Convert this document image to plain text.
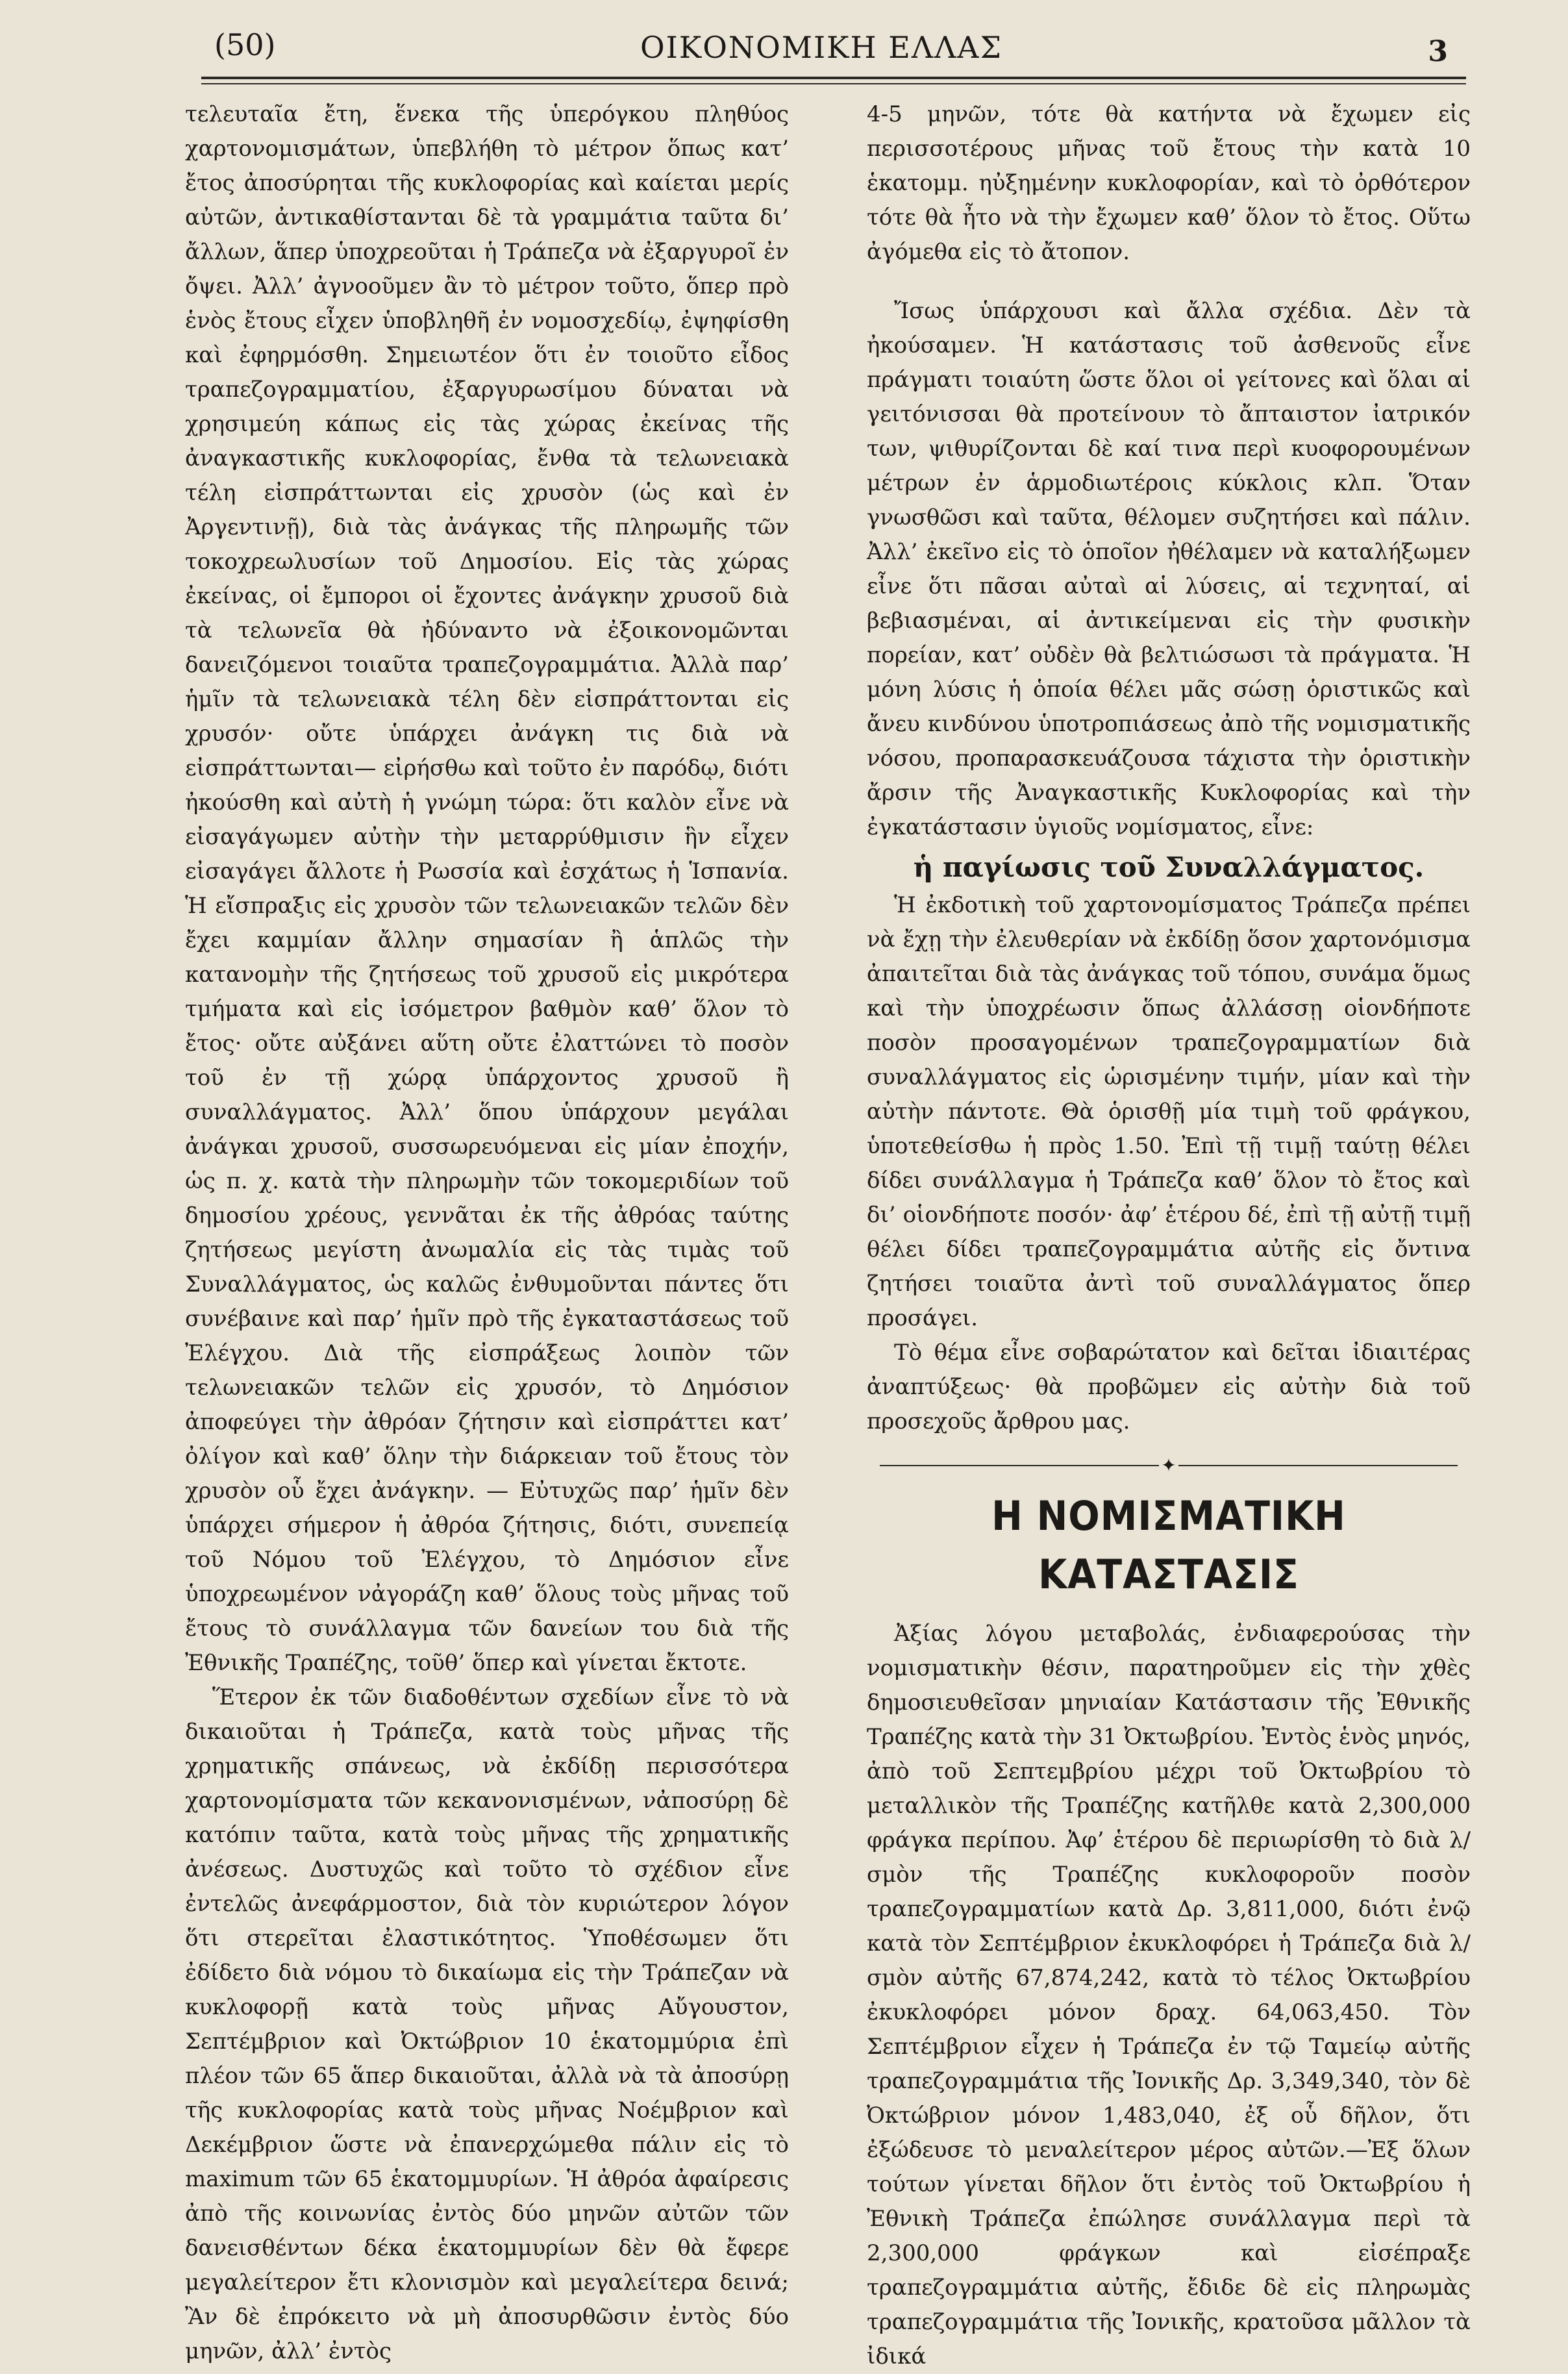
(50)	ΟΙΚΟΝΟΜΙΚΗ ΕΛΛΑΣ	3

τελευταῖα ἔτη, ἕνεκα τῆς ὑπερόγκου πληθύος χαρτονομισμάτων, ὑπεβλήθη τὸ μέτρον ὅπως κατ’ ἔτος ἀποσύρηται τῆς κυκλοφορίας καὶ καίεται μερίς αὐτῶν, ἀντικαθίστανται δὲ τὰ γραμμάτια ταῦτα δι’ ἄλλων, ἅπερ ὑποχρεοῦται ἡ Τράπεζα νὰ ἐξαργυροῖ ἐν ὄψει. Ἀλλ’ ἀγνοοῦμεν ἂν τὸ μέτρον τοῦτο, ὅπερ πρὸ ἑνὸς ἔτους εἶχεν ὑποβληθῆ ἐν νομοσχεδίῳ, ἐψηφίσθη καὶ ἐφηρμόσθη. Σημειωτέον ὅτι ἐν τοιοῦτο εἶδος τραπεζογραμματίου, ἐξαργυρωσίμου δύναται νὰ χρησιμεύη κάπως εἰς τὰς χώρας ἐκείνας τῆς ἀναγκαστικῆς κυκλοφορίας, ἔνθα τὰ τελωνειακὰ τέλη εἰσπράττωνται εἰς χρυσὸν (ὡς καὶ ἐν Ἀργεντινῇ), διὰ τὰς ἀνάγκας τῆς πληρωμῆς τῶν τοκοχρεωλυσίων τοῦ Δημοσίου. Εἰς τὰς χώρας ἐκείνας, οἱ ἔμποροι οἱ ἔχοντες ἀνάγκην χρυσοῦ διὰ τὰ τελωνεῖα θὰ ἠδύναντο νὰ ἐξοικονομῶνται δανειζόμενοι τοιαῦτα τραπεζογραμμάτια. Ἀλλὰ παρ’ ἡμῖν τὰ τελωνειακὰ τέλη δὲν εἰσπράττονται εἰς χρυσόν· οὔτε ὑπάρχει ἀνάγκη τις διὰ νὰ εἰσπράττωνται— εἰρήσθω καὶ τοῦτο ἐν παρόδῳ, διότι ἠκούσθη καὶ αὐτὴ ἡ γνώμη τώρα: ὅτι καλὸν εἶνε νὰ εἰσαγάγωμεν αὐτὴν τὴν μεταρρύθμισιν ἣν εἶχεν εἰσαγάγει ἄλλοτε ἡ Ρωσσία καὶ ἐσχάτως ἡ Ἱσπανία. Ἡ εἴσπραξις εἰς χρυσὸν τῶν τελωνειακῶν τελῶν δὲν ἔχει καμμίαν ἄλλην σημασίαν ἢ ἁπλῶς τὴν κατανομὴν τῆς ζητήσεως τοῦ χρυσοῦ εἰς μικρότερα τμήματα καὶ εἰς ἰσόμετρον βαθμὸν καθ’ ὅλον τὸ ἔτος· οὔτε αὐξάνει αὕτη οὔτε ἐλαττώνει τὸ ποσὸν τοῦ ἐν τῇ χώρᾳ ὑπάρχοντος χρυσοῦ ἢ συναλλάγματος. Ἀλλ’ ὅπου ὑπάρχουν μεγάλαι ἀνάγκαι χρυσοῦ, συσσωρευόμεναι εἰς μίαν ἐποχήν, ὡς π. χ. κατὰ τὴν πληρωμὴν τῶν τοκομεριδίων τοῦ δημοσίου χρέους, γεννᾶται ἐκ τῆς ἀθρόας ταύτης ζητήσεως μεγίστη ἀνωμαλία εἰς τὰς τιμὰς τοῦ Συναλλάγματος, ὡς καλῶς ἐνθυμοῦνται πάντες ὅτι συνέβαινε καὶ παρ’ ἡμῖν πρὸ τῆς ἐγκαταστάσεως τοῦ Ἐλέγχου. Διὰ τῆς εἰσπράξεως λοιπὸν τῶν τελωνειακῶν τελῶν εἰς χρυσόν, τὸ Δημόσιον ἀποφεύγει τὴν ἀθρόαν ζήτησιν καὶ εἰσπράττει κατ’ ὀλίγον καὶ καθ’ ὅλην τὴν διάρκειαν τοῦ ἔτους τὸν χρυσὸν οὗ ἔχει ἀνάγκην. — Εὐτυχῶς παρ’ ἡμῖν δὲν ὑπάρχει σήμερον ἡ ἀθρόα ζήτησις, διότι, συνεπείᾳ τοῦ Νόμου τοῦ Ἐλέγχου, τὸ Δημόσιον εἶνε ὑποχρεωμένον νἀγοράζη καθ’ ὅλους τοὺς μῆνας τοῦ ἔτους τὸ συνάλλαγμα τῶν δανείων του διὰ τῆς Ἐθνικῆς Τραπέζης, τοῦθ’ ὅπερ καὶ γίνεται ἔκτοτε.

Ἕτερον ἐκ τῶν διαδοθέντων σχεδίων εἶνε τὸ νὰ δικαιοῦται ἡ Τράπεζα, κατὰ τοὺς μῆνας τῆς χρηματικῆς σπάνεως, νὰ ἐκδίδῃ περισσότερα χαρτονομίσματα τῶν κεκανονισμένων, νἀποσύρῃ δὲ κατόπιν ταῦτα, κατὰ τοὺς μῆνας τῆς χρηματικῆς ἀνέσεως. Δυστυχῶς καὶ τοῦτο τὸ σχέδιον εἶνε ἐντελῶς ἀνεφάρμοστον, διὰ τὸν κυριώτερον λόγον ὅτι στερεῖται ἐλαστικότητος. Ὑποθέσωμεν ὅτι ἐδίδετο διὰ νόμου τὸ δικαίωμα εἰς τὴν Τράπεζαν νὰ κυκλοφορῇ κατὰ τοὺς μῆνας Αὔγουστον, Σεπτέμβριον καὶ Ὀκτώβριον 10 ἑκατομμύρια ἐπὶ πλέον τῶν 65 ἅπερ δικαιοῦται, ἀλλὰ νὰ τὰ ἀποσύρῃ τῆς κυκλοφορίας κατὰ τοὺς μῆνας Νοέμβριον καὶ Δεκέμβριον ὥστε νὰ ἐπανερχώμεθα πάλιν εἰς τὸ maximum τῶν 65 ἑκατομμυρίων. Ἡ ἀθρόα ἀφαίρεσις ἀπὸ τῆς κοινωνίας ἐντὸς δύο μηνῶν αὐτῶν τῶν δανεισθέντων δέκα ἑκατομμυρίων δὲν θὰ ἔφερε μεγαλείτερον ἔτι κλονισμὸν καὶ μεγαλείτερα δεινά; Ἂν δὲ ἐπρόκειτο νὰ μὴ ἀποσυρθῶσιν ἐντὸς δύο μηνῶν, ἀλλ’ ἐντὸς

4-5 μηνῶν, τότε θὰ κατήντα νὰ ἔχωμεν εἰς περισσοτέρους μῆνας τοῦ ἔτους τὴν κατὰ 10 ἑκατομμ. ηὐξημένην κυκλοφορίαν, καὶ τὸ ὀρθότερον τότε θὰ ἦτο νὰ τὴν ἔχωμεν καθ’ ὅλον τὸ ἔτος. Οὕτω ἀγόμεθα εἰς τὸ ἄτοπον.

Ἴσως ὑπάρχουσι καὶ ἄλλα σχέδια. Δὲν τὰ ἠκούσαμεν. Ἡ κατάστασις τοῦ ἀσθενοῦς εἶνε πράγματι τοιαύτη ὥστε ὅλοι οἱ γείτονες καὶ ὅλαι αἱ γειτόνισσαι θὰ προτείνουν τὸ ἄπταιστον ἰατρικόν των, ψιθυρίζονται δὲ καί τινα περὶ κυοφορουμένων μέτρων ἐν ἁρμοδιωτέροις κύκλοις κλπ. Ὅταν γνωσθῶσι καὶ ταῦτα, θέλομεν συζητήσει καὶ πάλιν. Ἀλλ’ ἐκεῖνο εἰς τὸ ὁποῖον ἠθέλαμεν νὰ καταλήξωμεν εἶνε ὅτι πᾶσαι αὐταὶ αἱ λύσεις, αἱ τεχνηταί, αἱ βεβιασμέναι, αἱ ἀντικείμεναι εἰς τὴν φυσικὴν πορείαν, κατ’ οὐδὲν θὰ βελτιώσωσι τὰ πράγματα. Ἡ μόνη λύσις ἡ ὁποία θέλει μᾶς σώσῃ ὁριστικῶς καὶ ἄνευ κινδύνου ὑποτροπιάσεως ἀπὸ τῆς νομισματικῆς νόσου, προπαρασκευάζουσα τάχιστα τὴν ὁριστικὴν ἄρσιν τῆς Ἀναγκαστικῆς Κυκλοφορίας καὶ τὴν ἐγκατάστασιν ὑγιοῦς νομίσματος, εἶνε:

ἡ παγίωσις τοῦ Συναλλάγματος.

Ἡ ἐκδοτικὴ τοῦ χαρτονομίσματος Τράπεζα πρέπει νὰ ἔχῃ τὴν ἐλευθερίαν νὰ ἐκδίδῃ ὅσον χαρτονόμισμα ἀπαιτεῖται διὰ τὰς ἀνάγκας τοῦ τόπου, συνάμα ὅμως καὶ τὴν ὑποχρέωσιν ὅπως ἀλλάσσῃ οἱονδήποτε ποσὸν προσαγομένων τραπεζογραμματίων διὰ συναλλάγματος εἰς ὡρισμένην τιμήν, μίαν καὶ τὴν αὐτὴν πάντοτε. Θὰ ὁρισθῇ μία τιμὴ τοῦ φράγκου, ὑποτεθείσθω ἡ πρὸς 1.50. Ἐπὶ τῇ τιμῇ ταύτῃ θέλει δίδει συνάλλαγμα ἡ Τράπεζα καθ’ ὅλον τὸ ἔτος καὶ δι’ οἱονδήποτε ποσόν· ἀφ’ ἑτέρου δέ, ἐπὶ τῇ αὐτῇ τιμῇ θέλει δίδει τραπεζογραμμάτια αὐτῆς εἰς ὄντινα ζητήσει τοιαῦτα ἀντὶ τοῦ συναλλάγματος ὅπερ προσάγει.

Τὸ θέμα εἶνε σοβαρώτατον καὶ δεῖται ἰδιαιτέρας ἀναπτύξεως· θὰ προβῶμεν εἰς αὐτὴν διὰ τοῦ προσεχοῦς ἄρθρου μας.

✦
Η ΝΟΜΙΣΜΑΤΙΚΗ ΚΑΤΑΣΤΑΣΙΣ

Ἀξίας λόγου μεταβολάς, ἐνδιαφερούσας τὴν νομισματικὴν θέσιν, παρατηροῦμεν εἰς τὴν χθὲς δημοσιευθεῖσαν μηνιαίαν Κατάστασιν τῆς Ἐθνικῆς Τραπέζης κατὰ τὴν 31 Ὀκτωβρίου. Ἐντὸς ἑνὸς μηνός, ἀπὸ τοῦ Σεπτεμβρίου μέχρι τοῦ Ὀκτωβρίου τὸ μεταλλικὸν τῆς Τραπέζης κατῆλθε κατὰ 2,300,000 φράγκα περίπου. Ἀφ’ ἑτέρου δὲ περιωρίσθη τὸ διὰ λ/σμὸν τῆς Τραπέζης κυκλοφοροῦν ποσὸν τραπεζογραμματίων κατὰ Δρ. 3,811,000, διότι ἐνῷ κατὰ τὸν Σεπτέμβριον ἐκυκλοφόρει ἡ Τράπεζα διὰ λ/σμὸν αὐτῆς 67,874,242, κατὰ τὸ τέλος Ὀκτωβρίου ἐκυκλοφόρει μόνον δραχ. 64,063,450. Τὸν Σεπτέμβριον εἶχεν ἡ Τράπεζα ἐν τῷ Ταμείῳ αὐτῆς τραπεζογραμμάτια τῆς Ἰονικῆς Δρ. 3,349,340, τὸν δὲ Ὀκτώβριον μόνον 1,483,040, ἐξ οὗ δῆλον, ὅτι ἐξώδευσε τὸ μεναλείτερον μέρος αὐτῶν.—Ἐξ ὅλων τούτων γίνεται δῆλον ὅτι ἐντὸς τοῦ Ὀκτωβρίου ἡ Ἐθνικὴ Τράπεζα ἐπώλησε συνάλλαγμα περὶ τὰ 2,300,000 φράγκων καὶ εἰσέπραξε τραπεζογραμμάτια αὐτῆς, ἔδιδε δὲ εἰς πληρωμὰς τραπεζογραμμάτια τῆς Ἰονικῆς, κρατοῦσα μᾶλλον τὰ ἰδικά
